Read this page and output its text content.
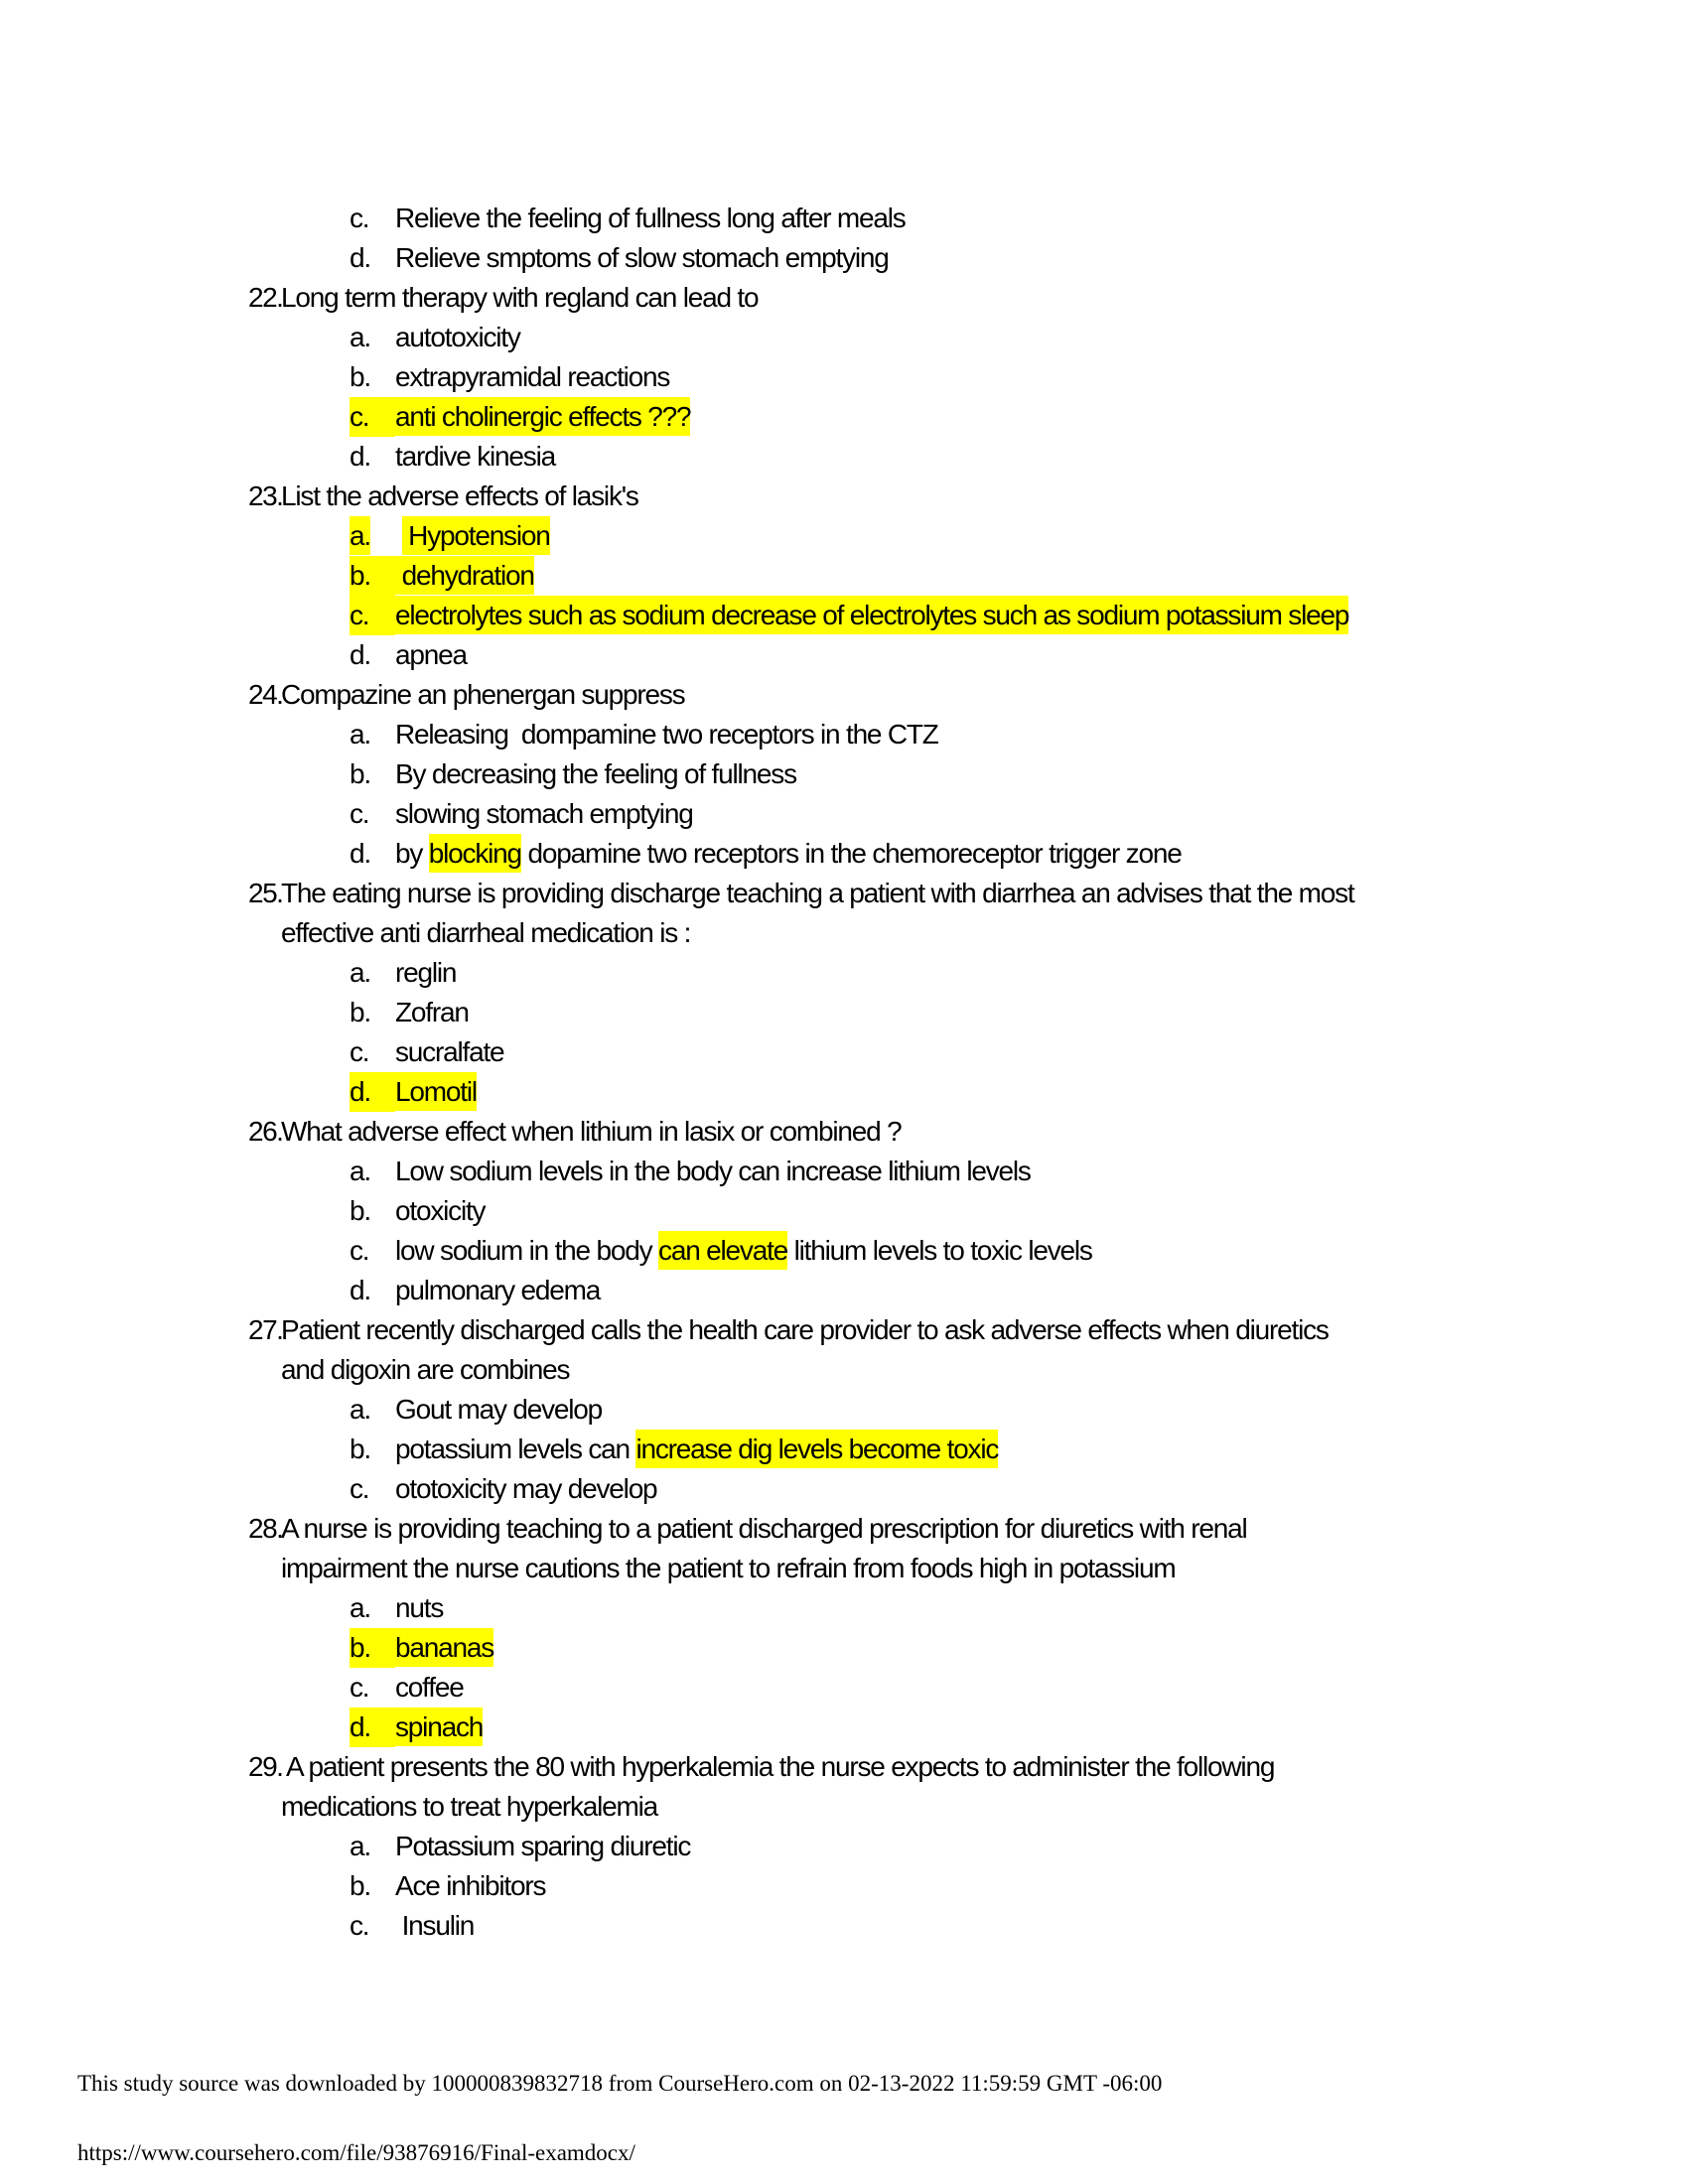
c. Relieve the feeling of fullness long after meals
d. Relieve smptoms of slow stomach emptying
22.Long term therapy with regland can lead to
a. autotoxicity
b. extrapyramidal reactions
c. anti cholinergic effects ???
d. tardive kinesia
23.List the adverse effects of lasik's
a.  Hypotension
b. dehydration
c. electrolytes such as sodium decrease of electrolytes such as sodium potassium sleep
d. apnea
24.Compazine an phenergan suppress
a. Releasing  dompamine two receptors in the CTZ
b. By decreasing the feeling of fullness
c. slowing stomach emptying
d. by blocking dopamine two receptors in the chemoreceptor trigger zone
25.The eating nurse is providing discharge teaching a patient with diarrhea an advises that the most
effective anti diarrheal medication is :
a. reglin
b. Zofran
c. sucralfate
d. Lomotil
26.What adverse effect when lithium in lasix or combined ?
a. Low sodium levels in the body can increase lithium levels
b. otoxicity
c. low sodium in the body can elevate lithium levels to toxic levels
d. pulmonary edema
27.Patient recently discharged calls the health care provider to ask adverse effects when diuretics
and digoxin are combines
a. Gout may develop
b. potassium levels can increase dig levels become toxic
c. ototoxicity may develop
28.A nurse is providing teaching to a patient discharged prescription for diuretics with renal
impairment the nurse cautions the patient to refrain from foods high in potassium
a. nuts
b. bananas
c. coffee
d. spinach
29. A patient presents the 80 with hyperkalemia the nurse expects to administer the following
medications to treat hyperkalemia
a. Potassium sparing diuretic
b. Ace inhibitors
c. Insulin
This study source was downloaded by 100000839832718 from CourseHero.com on 02-13-2022 11:59:59 GMT -06:00
https://www.coursehero.com/file/93876916/Final-examdocx/
